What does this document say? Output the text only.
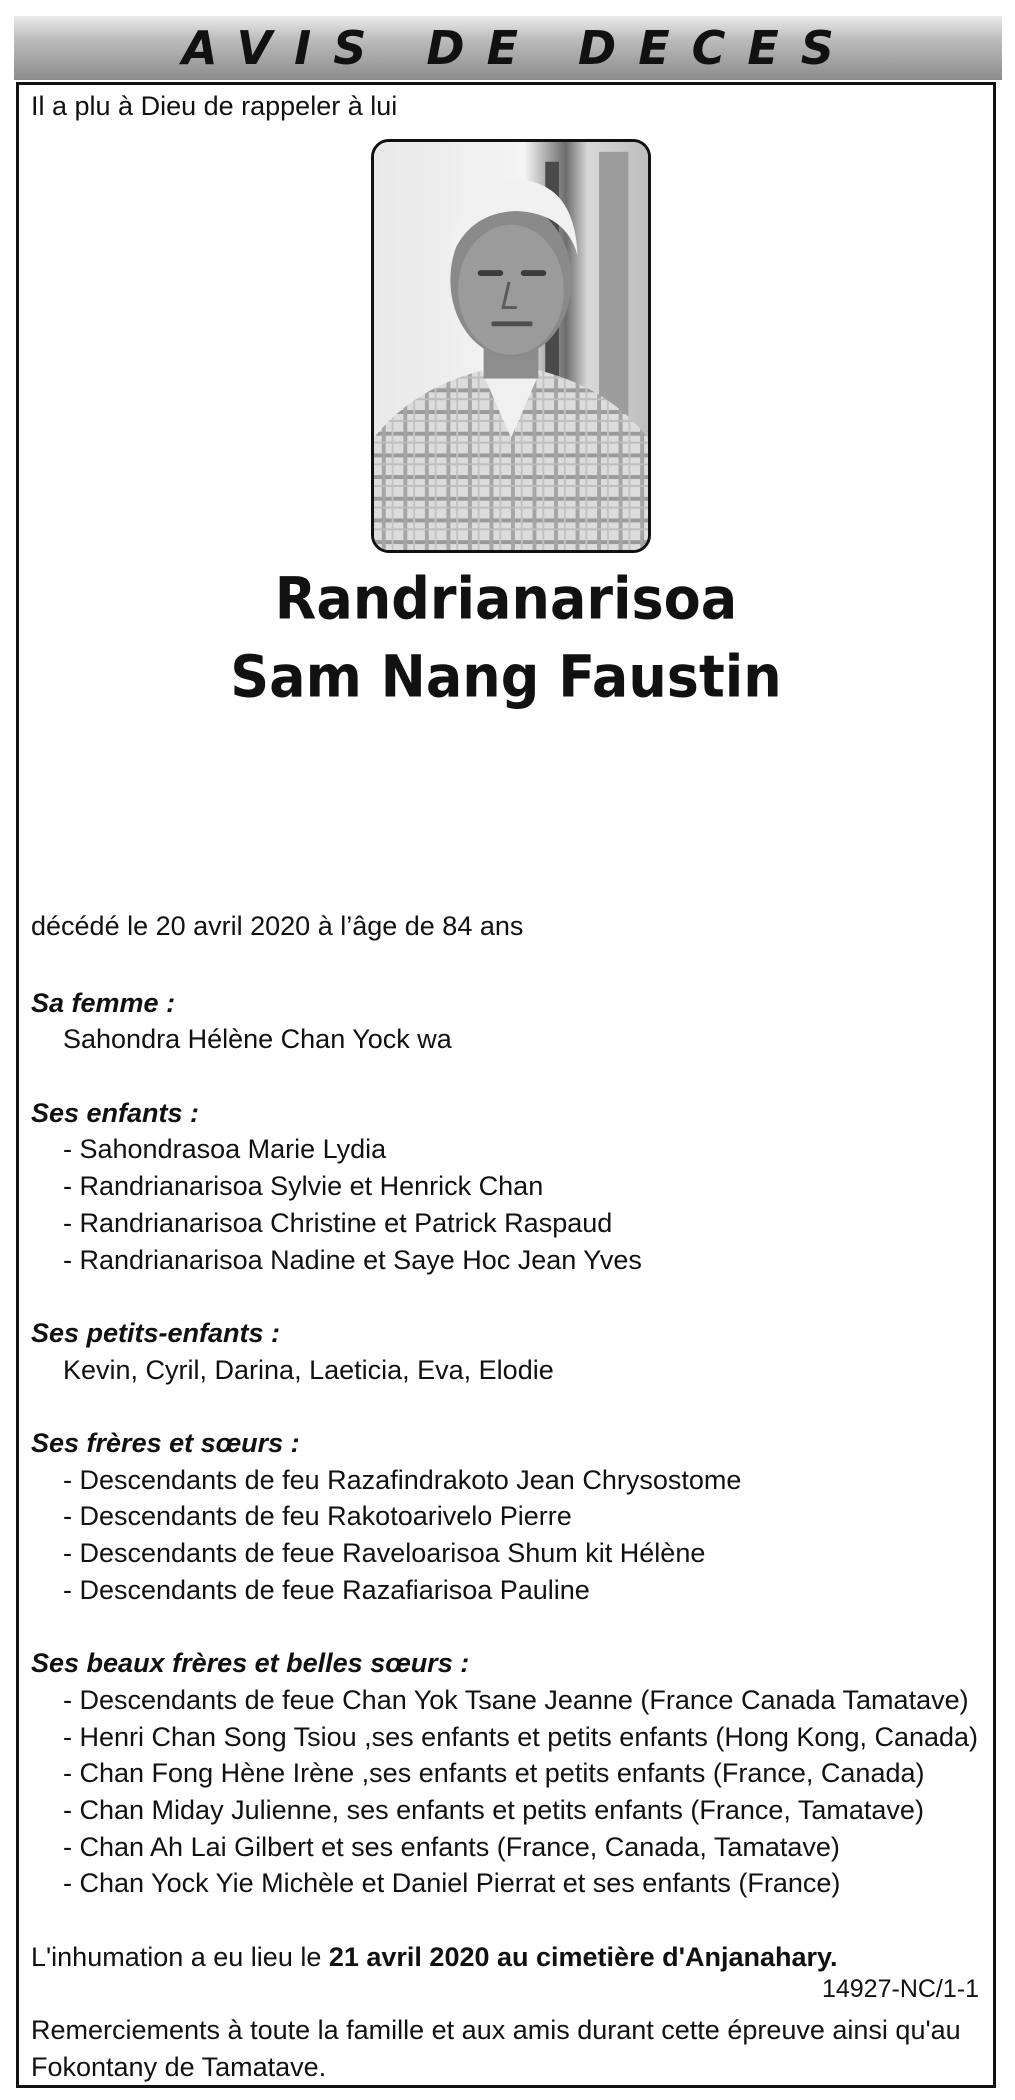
AVIS DE DECES
Il a plu à Dieu de rappeler à lui
Randrianarisoa
Sam Nang Faustin
décédé le 20 avril 2020 à l’âge de 84 ans
Sa femme :
Sahondra Hélène Chan Yock wa
Ses enfants :
- Sahondrasoa Marie Lydia
- Randrianarisoa Sylvie et Henrick Chan
- Randrianarisoa Christine et Patrick Raspaud
- Randrianarisoa Nadine et Saye Hoc Jean Yves
Ses petits-enfants :
Kevin, Cyril, Darina, Laeticia, Eva, Elodie
Ses frères et sœurs :
- Descendants de feu Razafindrakoto Jean Chrysostome
- Descendants de feu Rakotoarivelo Pierre
- Descendants de feue Raveloarisoa Shum kit Hélène
- Descendants de feue Razafiarisoa Pauline
Ses beaux frères et belles sœurs :
- Descendants de feue Chan Yok Tsane Jeanne (France Canada Tamatave)
- Henri Chan Song Tsiou ,ses enfants et petits enfants (Hong Kong, Canada)
- Chan Fong Hène Irène ,ses enfants et petits enfants (France, Canada)
- Chan Miday Julienne, ses enfants et petits enfants (France, Tamatave)
- Chan Ah Lai Gilbert et ses enfants (France, Canada, Tamatave)
- Chan Yock Yie Michèle et Daniel Pierrat et ses enfants (France)
L'inhumation a eu lieu le 21 avril 2020 au cimetière d'Anjanahary.
Remerciements à toute la famille et aux amis durant cette épreuve ainsi qu'au
Fokontany de Tamatave.
14927-NC/1-1
